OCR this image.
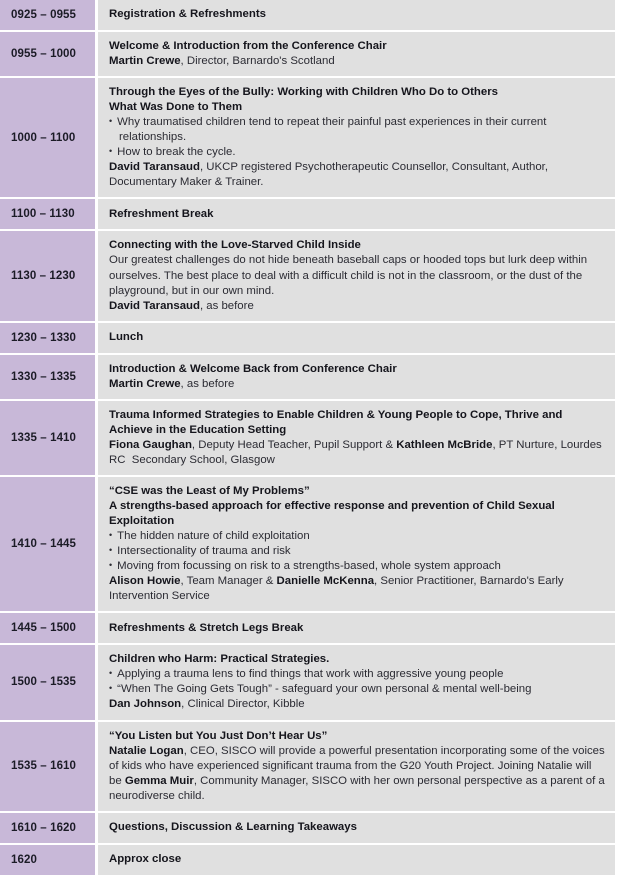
0925 – 0955	Registration & Refreshments
0955 – 1000
Welcome & Introduction from the Conference Chair
Martin Crewe, Director, Barnardo's Scotland
1000 – 1100
Through the Eyes of the Bully: Working with Children Who Do to Others
What Was Done to Them
• Why traumatised children tend to repeat their painful past experiences in their current relationships.
• How to break the cycle.
David Taransaud, UKCP registered Psychotherapeutic Counsellor, Consultant, Author, Documentary Maker & Trainer.
1100 – 1130	Refreshment Break
1130 – 1230
Connecting with the Love-Starved Child Inside
Our greatest challenges do not hide beneath baseball caps or hooded tops but lurk deep within ourselves. The best place to deal with a difficult child is not in the classroom, or the dust of the playground, but in our own mind.
David Taransaud, as before
1230 – 1330	Lunch
1330 – 1335
Introduction & Welcome Back from Conference Chair
Martin Crewe, as before
1335 – 1410
Trauma Informed Strategies to Enable Children & Young People to Cope, Thrive and Achieve in the Education Setting
Fiona Gaughan, Deputy Head Teacher, Pupil Support & Kathleen McBride, PT Nurture, Lourdes RC  Secondary School, Glasgow
1410 – 1445
“CSE was the Least of My Problems”
A strengths-based approach for effective response and prevention of Child Sexual Exploitation
• The hidden nature of child exploitation
• Intersectionality of trauma and risk
• Moving from focussing on risk to a strengths-based, whole system approach
Alison Howie, Team Manager & Danielle McKenna, Senior Practitioner, Barnardo's Early Intervention Service
1445 – 1500	Refreshments & Stretch Legs Break
1500 – 1535
Children who Harm: Practical Strategies.
• Applying a trauma lens to find things that work with aggressive young people
• “When The Going Gets Tough” - safeguard your own personal & mental well-being
Dan Johnson, Clinical Director, Kibble
1535 – 1610
“You Listen but You Just Don’t Hear Us”
Natalie Logan, CEO, SISCO will provide a powerful presentation incorporating some of the voices of kids who have experienced significant trauma from the G20 Youth Project. Joining Natalie will be Gemma Muir, Community Manager, SISCO with her own personal perspective as a parent of a neurodiverse child.
1610 – 1620	Questions, Discussion & Learning Takeaways
1620	Approx close
